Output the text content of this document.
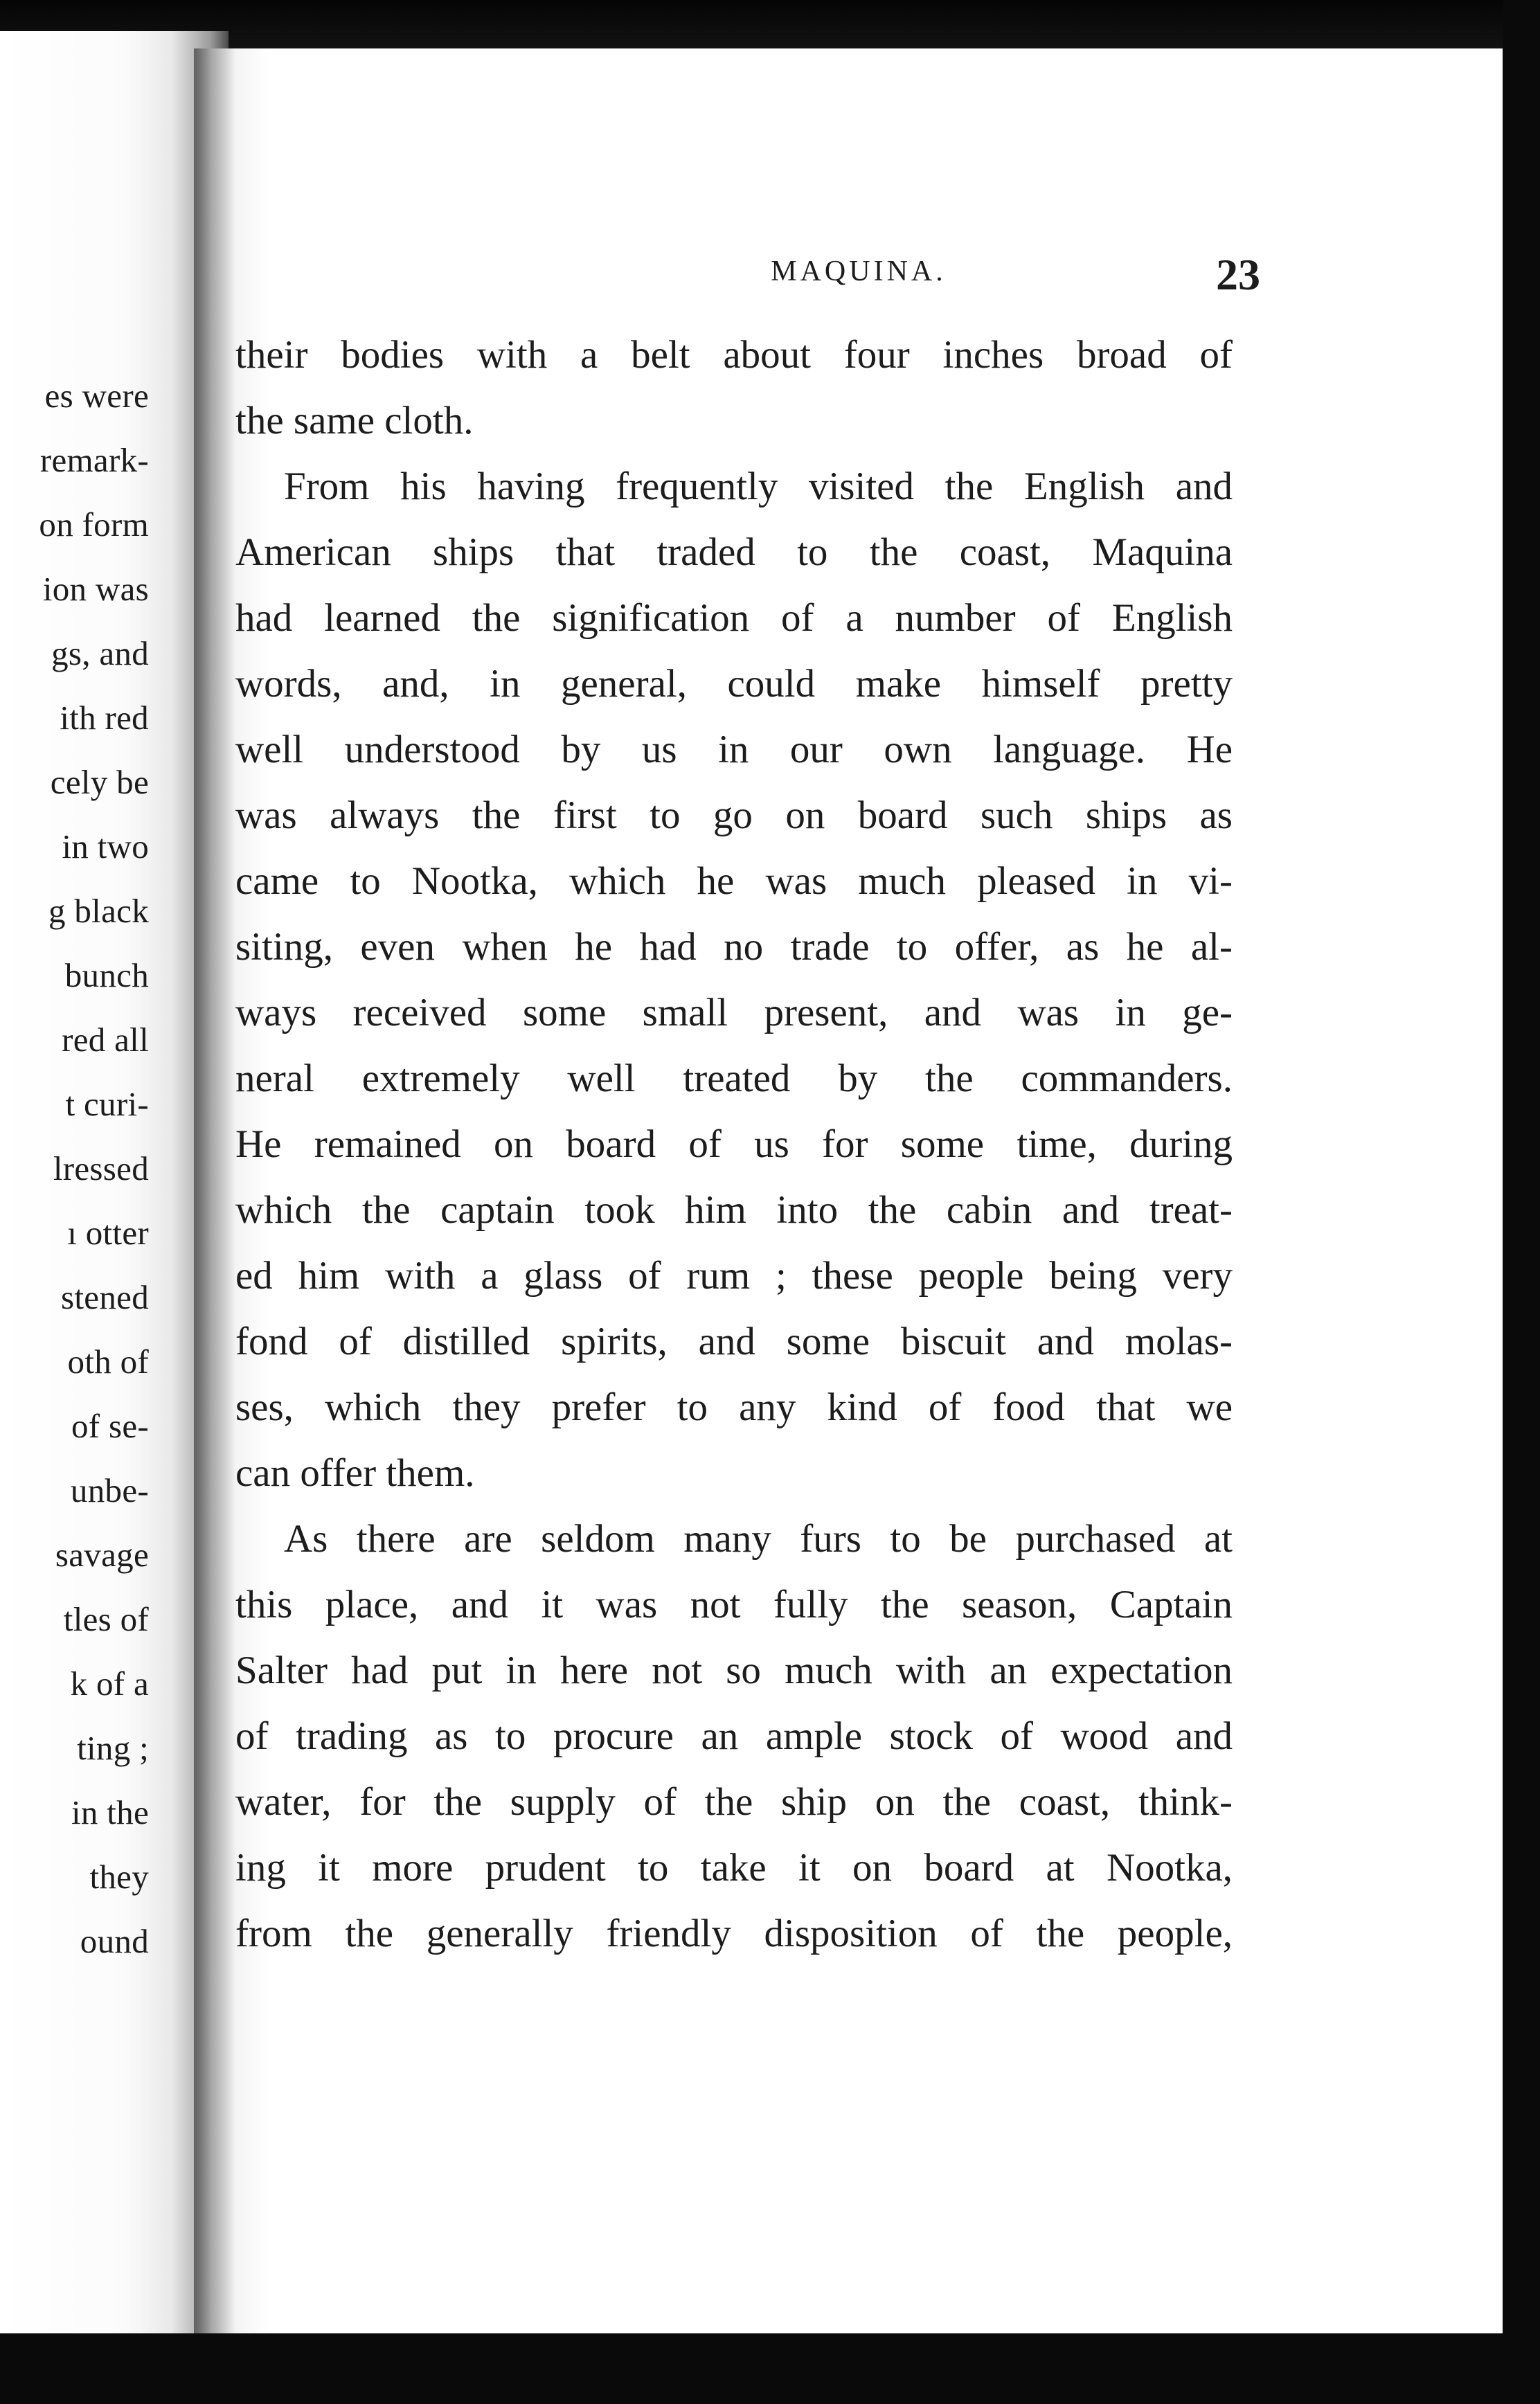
es were
remark-
on form
ion was
gs, and
ith red
cely be
in two
g black
bunch
red all
t curi-
lressed
ı otter
stened
oth of
of se-
unbe-
savage
tles of
k of a
ting ;
in the
they
ound
MAQUINA.	23
their bodies with a belt about four inches broad of
the same cloth.
From his having frequently visited the English and
American ships that traded to the coast, Maquina
had learned the signification of a number of English
words, and, in general, could make himself pretty
well understood by us in our own language. He
was always the first to go on board such ships as
came to Nootka, which he was much pleased in vi-
siting, even when he had no trade to offer, as he al-
ways received some small present, and was in ge-
neral extremely well treated by the commanders.
He remained on board of us for some time, during
which the captain took him into the cabin and treat-
ed him with a glass of rum ; these people being very
fond of distilled spirits, and some biscuit and molas-
ses, which they prefer to any kind of food that we
can offer them.
As there are seldom many furs to be purchased at
this place, and it was not fully the season, Captain
Salter had put in here not so much with an expectation
of trading as to procure an ample stock of wood and
water, for the supply of the ship on the coast, think-
ing it more prudent to take it on board at Nootka,
from the generally friendly disposition of the people,
